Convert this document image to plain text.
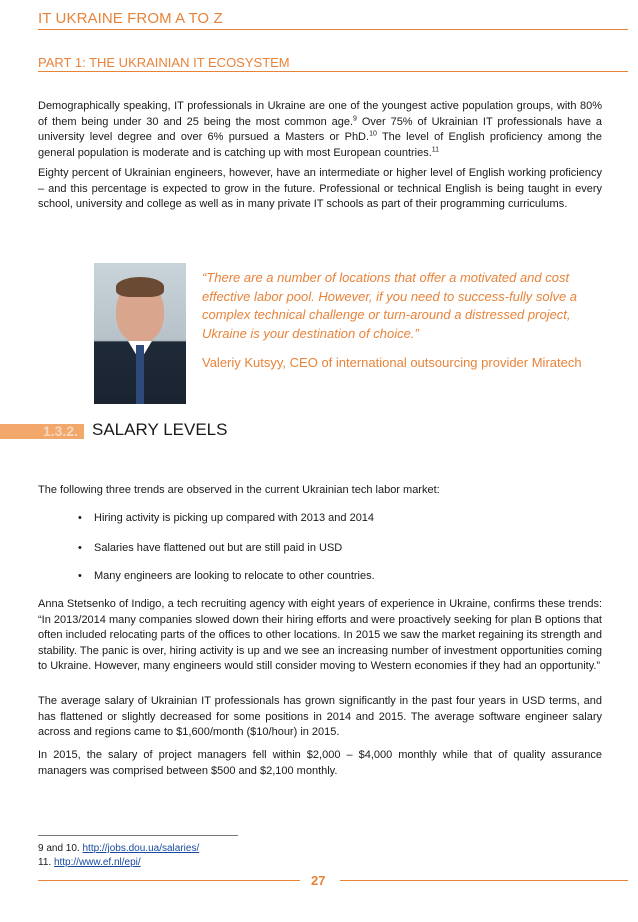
IT UKRAINE FROM A TO Z
PART 1: THE UKRAINIAN IT ECOSYSTEM

Demographically speaking, IT professionals in Ukraine are one of the youngest active population groups, with 80% of them being under 30 and 25 being the most common age.$^9$ Over 75% of Ukrainian IT professionals have a university level degree and over 6% pursued a Masters or PhD.$^{10}$ The level of English proficiency among the general population is moderate and is catching up with most European countries.$^{11}$

Eighty percent of Ukrainian engineers, however, have an intermediate or higher level of English working proficiency – and this percentage is expected to grow in the future. Professional or technical English is being taught in every school, university and college as well as in many private IT schools as part of their programming curriculums.

“There are a number of locations that offer a motivated and cost effective labor pool. However, if you need to success-fully solve a complex technical challenge or turn-around a distressed project, Ukraine is your destination of choice.”

Valeriy Kutsyy, CEO of international outsourcing provider Miratech

1.3.2. SALARY LEVELS

The following three trends are observed in the current Ukrainian tech labor market:

• Hiring activity is picking up compared with 2013 and 2014
• Salaries have flattened out but are still paid in USD
• Many engineers are looking to relocate to other countries.

Anna Stetsenko of Indigo, a tech recruiting agency with eight years of experience in Ukraine, confirms these trends: “In 2013/2014 many companies slowed down their hiring efforts and were proactively seeking for plan B options that often included relocating parts of the offices to other locations. In 2015 we saw the market regaining its strength and stability. The panic is over, hiring activity is up and we see an increasing number of investment opportunities coming to Ukraine. However, many engineers would still consider moving to Western economies if they had an opportunity.”

The average salary of Ukrainian IT professionals has grown significantly in the past four years in USD terms, and has flattened or slightly decreased for some positions in 2014 and 2015. The average software engineer salary across and regions came to $1,600/month ($10/hour) in 2015.

In 2015, the salary of project managers fell within $2,000 – $4,000 monthly while that of quality assurance managers was comprised between $500 and $2,100 monthly.

9 and 10. http://jobs.dou.ua/salaries/
11. http://www.ef.nl/epi/
27
